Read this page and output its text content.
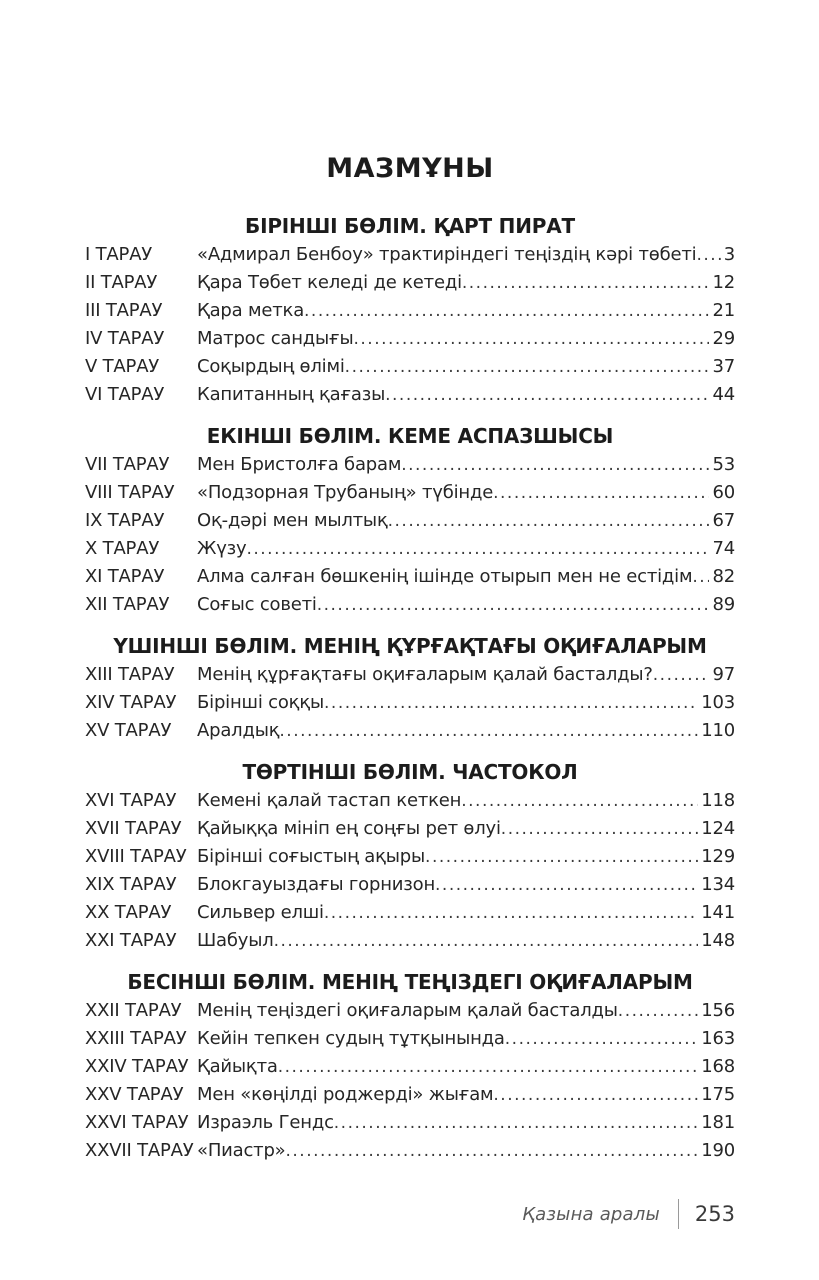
МАЗМҰНЫ
БІРІНШІ БӨЛІМ. ҚАРТ ПИРАТ
I ТАРАУ	«Адмирал Бенбоу» трактиріндегі теңіздің кәрі төбеті ..... 3
II ТАРАУ	Қара Төбет келеді де кетеді .....	12
III ТАРАУ	Қара метка .....	21
IV ТАРАУ	Матрос сандығы .....	29
V ТАРАУ	Соқырдың өлімі .....	37
VI ТАРАУ	Капитанның қағазы .....	44
ЕКІНШІ БӨЛІМ. КЕМЕ АСПАЗШЫСЫ
VII ТАРАУ	Мен Бристолға барам .....	53
VIII ТАРАУ	«Подзорная Трубаның» түбінде .....	60
IX ТАРАУ	Оқ-дәрі мен мылтық .....	67
X ТАРАУ	Жүзу .....	74
XI ТАРАУ	Алма салған бөшкенің ішінде отырып мен не естідім ..... 82
XII ТАРАУ	Соғыс советі .....	89
ҮШІНШІ БӨЛІМ. МЕНІҢ ҚҰРҒАҚТАҒЫ ОҚИҒАЛАРЫМ
XIII ТАРАУ	Менің құрғақтағы оқиғаларым қалай басталды? .....	97
XIV ТАРАУ	Бірінші соққы .....	103
XV ТАРАУ	Аралдық .....	110
ТӨРТІНШІ БӨЛІМ. ЧАСТОКОЛ
XVI ТАРАУ	Кемені қалай тастап кеткен .....	118
XVII ТАРАУ Қайыққа мініп ең соңғы рет өлуі .....	124
XVIII ТАРАУ Бірінші соғыстың ақыры .....	129
XIX ТАРАУ	Блокгауыздағы горнизон .....	134
XX ТАРАУ	Сильвер елші .....	141
XXI ТАРАУ	Шабуыл .....	148
БЕСІНШІ БӨЛІМ. МЕНІҢ ТЕҢІЗДЕГІ ОҚИҒАЛАРЫМ
XXII ТАРАУ Менің теңіздегі оқиғаларым қалай басталды .....	156
XXIII ТАРАУ Кейін тепкен судың тұтқынында .....	163
XXIV ТАРАУ Қайықта .....	168
XXV ТАРАУ Мен «көңілді роджерді» жығам .....	175
XXVI ТАРАУ Израэль Гендс .....	181
XXVII ТАРАУ «Пиастр» .....	190
Қазына аралы 253
